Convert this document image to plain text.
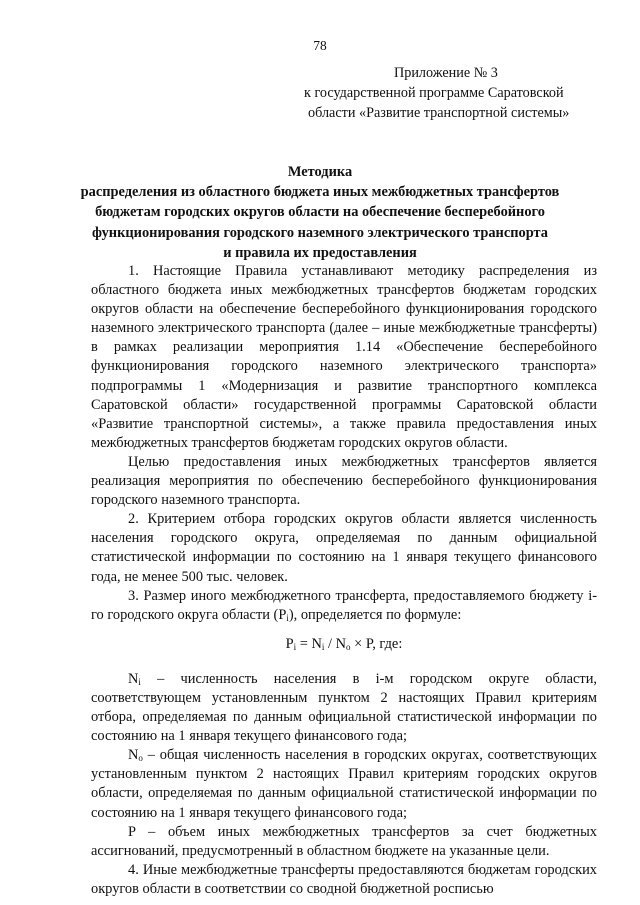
78
Приложение № 3
к государственной программе Саратовской
области «Развитие транспортной системы»
Методика
распределения из областного бюджета иных межбюджетных трансфертов
бюджетам городских округов области на обеспечение бесперебойного
функционирования городского наземного электрического транспорта
и правила их предоставления

1. Настоящие Правила устанавливают методику распределения из областного бюджета иных межбюджетных трансфертов бюджетам городских округов области на обеспечение бесперебойного функционирования городского наземного электрического транспорта (далее – иные межбюджетные трансферты) в рамках реализации мероприятия 1.14 «Обеспечение бесперебойного функционирования городского наземного электрического транспорта» подпрограммы 1 «Модернизация и развитие транспортного комплекса Саратовской области» государственной программы Саратовской области «Развитие транспортной системы», а также правила предоставления иных межбюджетных трансфертов бюджетам городских округов области.

Целью предоставления иных межбюджетных трансфертов является реализация мероприятия по обеспечению бесперебойного функционирования городского наземного транспорта.

2. Критерием отбора городских округов области является численность населения городского округа, определяемая по данным официальной статистической информации по состоянию на 1 января текущего финансового года, не менее 500 тыс. человек.

3. Размер иного межбюджетного трансферта, предоставляемого бюджету i-го городского округа области $(P_i)$, определяется по формуле:

$P_i = N_i / N_o \times P$, где:

$N_i$ – численность населения в i-м городском округе области, соответствующем установленным пунктом 2 настоящих Правил критериям отбора, определяемая по данным официальной статистической информации по состоянию на 1 января текущего финансового года;

$N_o$ – общая численность населения в городских округах, соответствующих установленным пунктом 2 настоящих Правил критериям городских округов области, определяемая по данным официальной статистической информации по состоянию на 1 января текущего финансового года;

P – объем иных межбюджетных трансфертов за счет бюджетных ассигнований, предусмотренный в областном бюджете на указанные цели.

4. Иные межбюджетные трансферты предоставляются бюджетам городских округов области в соответствии со сводной бюджетной росписью
